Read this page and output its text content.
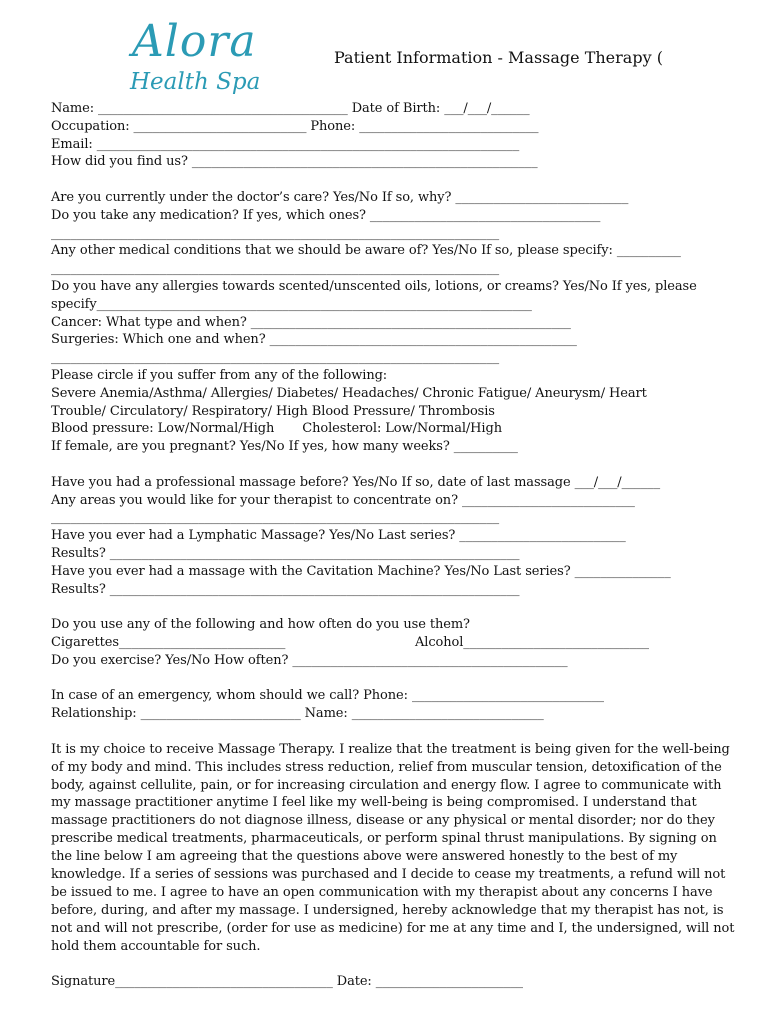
Alora
Health Spa
Patient Information - Massage Therapy (
Name: _______________________________________ Date of Birth: ___/___/______
Occupation: ___________________________ Phone: ____________________________
Email: __________________________________________________________________
How did you find us? ______________________________________________________
Are you currently under the doctor’s care? Yes/No If so, why? ___________________________
Do you take any medication? If yes, which ones? ____________________________________
______________________________________________________________________
Any other medical conditions that we should be aware of? Yes/No If so, please specify: __________
______________________________________________________________________
Do you have any allergies towards scented/unscented oils, lotions, or creams? Yes/No If yes, please
specify____________________________________________________________________
Cancer: What type and when? __________________________________________________
Surgeries: Which one and when? ________________________________________________
______________________________________________________________________
Please circle if you suffer from any of the following:
Severe Anemia/Asthma/ Allergies/ Diabetes/ Headaches/ Chronic Fatigue/ Aneurysm/ Heart
Trouble/ Circulatory/ Respiratory/ High Blood Pressure/ Thrombosis
Blood pressure: Low/Normal/High Cholesterol: Low/Normal/High
If female, are you pregnant? Yes/No If yes, how many weeks? __________
Have you had a professional massage before? Yes/No If so, date of last massage ___/___/______
Any areas you would like for your therapist to concentrate on? ___________________________
______________________________________________________________________
Have you ever had a Lymphatic Massage? Yes/No Last series? __________________________
Results? ________________________________________________________________
Have you ever had a massage with the Cavitation Machine? Yes/No Last series? _______________
Results? ________________________________________________________________
Do you use any of the following and how often do you use them?
Cigarettes__________________________	Alcohol_____________________________
Do you exercise? Yes/No How often? ___________________________________________
In case of an emergency, whom should we call? Phone: ______________________________
Relationship: _________________________ Name: ______________________________
It is my choice to receive Massage Therapy. I realize that the treatment is being given for the well-being of my body and mind. This includes stress reduction, relief from muscular tension, detoxification of the body, against cellulite, pain, or for increasing circulation and energy flow. I agree to communicate with my massage practitioner anytime I feel like my well-being is being compromised. I understand that massage practitioners do not diagnose illness, disease or any physical or mental disorder; nor do they prescribe medical treatments, pharmaceuticals, or perform spinal thrust manipulations. By signing on the line below I am agreeing that the questions above were answered honestly to the best of my knowledge. If a series of sessions was purchased and I decide to cease my treatments, a refund will not be issued to me. I agree to have an open communication with my therapist about any concerns I have before, during, and after my massage. I undersigned, hereby acknowledge that my therapist has not, is not and will not prescribe, (order for use as medicine) for me at any time and I, the undersigned, will not hold them accountable for such.
Signature__________________________________ Date: _______________________
